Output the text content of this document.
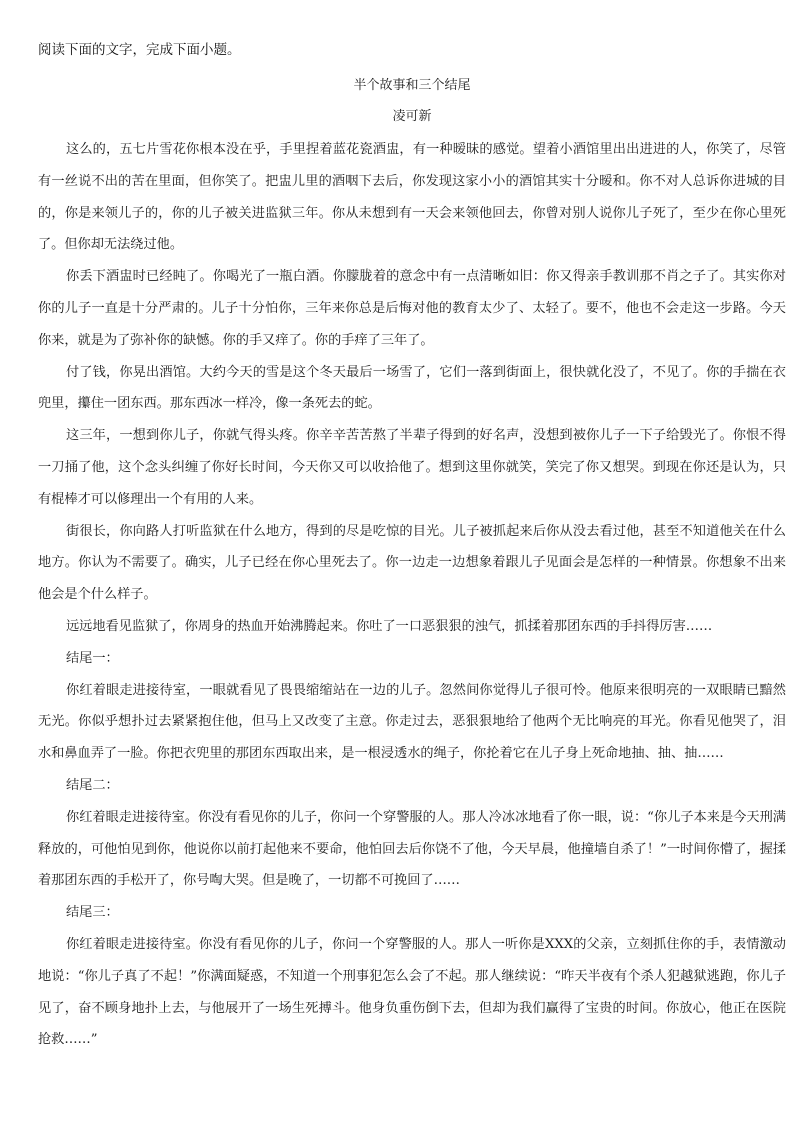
阅读下面的文字，完成下面小题。

半个故事和三个结尾

凌可新

这么的，五七片雪花你根本没在乎，手里捏着蓝花瓷酒盅，有一种暧昧的感觉。望着小酒馆里出出进进的人，你笑了，尽管有一丝说不出的苦在里面，但你笑了。把盅儿里的酒咽下去后，你发现这家小小的酒馆其实十分暧和。你不对人总诉你进城的目的，你是来领儿子的，你的儿子被关进监狱三年。你从未想到有一天会来领他回去，你曾对别人说你儿子死了，至少在你心里死了。但你却无法绕过他。

你丢下酒盅时已经盹了。你喝光了一瓶白酒。你朦胧着的意念中有一点清晰如旧：你又得亲手教训那不肖之子了。其实你对你的儿子一直是十分严肃的。儿子十分怕你，三年来你总是后悔对他的教育太少了、太轻了。要不，他也不会走这一步路。今天你来，就是为了弥补你的缺憾。你的手又痒了。你的手痒了三年了。

付了钱，你晃出酒馆。大约今天的雪是这个冬天最后一场雪了，它们一落到街面上，很快就化没了，不见了。你的手揣在衣兜里，攥住一团东西。那东西冰一样冷，像一条死去的蛇。

这三年，一想到你儿子，你就气得头疼。你辛辛苦苦熬了半辈子得到的好名声，没想到被你儿子一下子给毁光了。你恨不得一刀捅了他，这个念头纠缠了你好长时间，今天你又可以收拾他了。想到这里你就笑，笑完了你又想哭。到现在你还是认为，只有棍棒才可以修理出一个有用的人来。

街很长，你向路人打听监狱在什么地方，得到的尽是吃惊的目光。儿子被抓起来后你从没去看过他，甚至不知道他关在什么地方。你认为不需要了。确实，儿子已经在你心里死去了。你一边走一边想象着跟儿子见面会是怎样的一种情景。你想象不出来他会是个什么样子。

远远地看见监狱了，你周身的热血开始沸腾起来。你吐了一口恶狠狠的浊气，抓揉着那团东西的手抖得厉害……

结尾一：

你红着眼走进接待室，一眼就看见了畏畏缩缩站在一边的儿子。忽然间你觉得儿子很可怜。他原来很明亮的一双眼睛已黯然无光。你似乎想扑过去紧紧抱住他，但马上又改变了主意。你走过去，恶狠狠地给了他两个无比响亮的耳光。你看见他哭了，泪水和鼻血弄了一脸。你把衣兜里的那团东西取出来，是一根浸透水的绳子，你抡着它在儿子身上死命地抽、抽、抽……

结尾二：

你红着眼走进接待室。你没有看见你的儿子，你问一个穿警服的人。那人冷冰冰地看了你一眼，说：“你儿子本来是今天刑满释放的，可他怕见到你，他说你以前打起他来不要命，他怕回去后你饶不了他，今天早晨，他撞墙自杀了！”一时间你懵了，握揉着那团东西的手松开了，你号啕大哭。但是晚了，一切都不可挽回了……

结尾三：

你红着眼走进接待室。你没有看见你的儿子，你问一个穿警服的人。那人一听你是XXX的父亲，立刻抓住你的手，表情激动地说：“你儿子真了不起！”你满面疑惑，不知道一个刑事犯怎么会了不起。那人继续说：“昨天半夜有个杀人犯越狱逃跑，你儿子见了，奋不顾身地扑上去，与他展开了一场生死搏斗。他身负重伤倒下去，但却为我们赢得了宝贵的时间。你放心，他正在医院抢救……”
